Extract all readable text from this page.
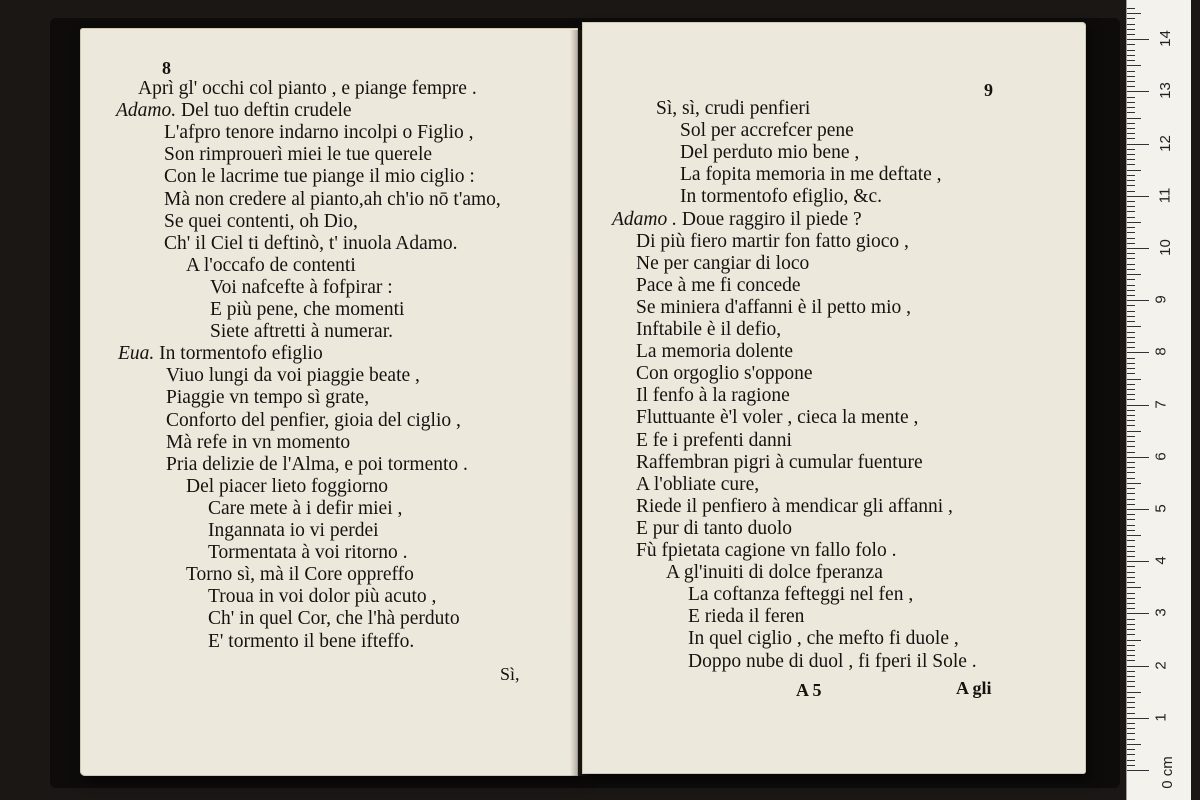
8
Aprì gl' occhi col pianto , e piange fempre .
Adamo. Del tuo deftin crudele
L'afpro tenore indarno incolpi o Figlio ,
Son rimprouerì miei le tue querele
Con le lacrime tue piange il mio ciglio :
Mà non credere al pianto,ah ch'io nō t'amo,
Se quei contenti, oh Dio,
Ch' il Ciel ti deftinò, t' inuola Adamo.
A l'occafo de contenti
Voi nafcefte à fofpirar :
E più pene, che momenti
Siete aftretti à numerar.
Eua. In tormentofo efiglio
Viuo lungi da voi piaggie beate ,
Piaggie vn tempo sì grate,
Conforto del penfier, gioia del ciglio ,
Mà refe in vn momento
Pria delizie de l'Alma, e poi tormento .
Del piacer lieto foggiorno
Care mete à i defir miei ,
Ingannata io vi perdei
Tormentata à voi ritorno .
Torno sì, mà il Core oppreffo
Troua in voi dolor più acuto ,
Ch' in quel Cor, che l'hà perduto
E' tormento il bene ifteffo.
Sì,
9
Sì, sì, crudi penfieri
Sol per accrefcer pene
Del perduto mio bene ,
La fopita memoria in me deftate ,
In tormentofo efiglio, &c.
Adamo . Doue raggiro il piede ?
Di più fiero martir fon fatto gioco ,
Ne per cangiar di loco
Pace à me fi concede
Se miniera d'affanni è il petto mio ,
Inftabile è il defio,
La memoria dolente
Con orgoglio s'oppone
Il fenfo à la ragione
Fluttuante è'l voler , cieca la mente ,
E fe i prefenti danni
Raffembran pigri à cumular fuenture
A l'obliate cure,
Riede il penfiero à mendicar gli affanni ,
E pur di tanto duolo
Fù fpietata cagione vn fallo folo .
A gl'inuiti di dolce fperanza
La coftanza fefteggi nel fen ,
E rieda il feren
In quel ciglio , che mefto fi duole ,
Doppo nube di duol , fi fperi il Sole .
A 5	A gli
0 cm
1
2
3
4
5
6
7
8
9
10
11
12
13
14
